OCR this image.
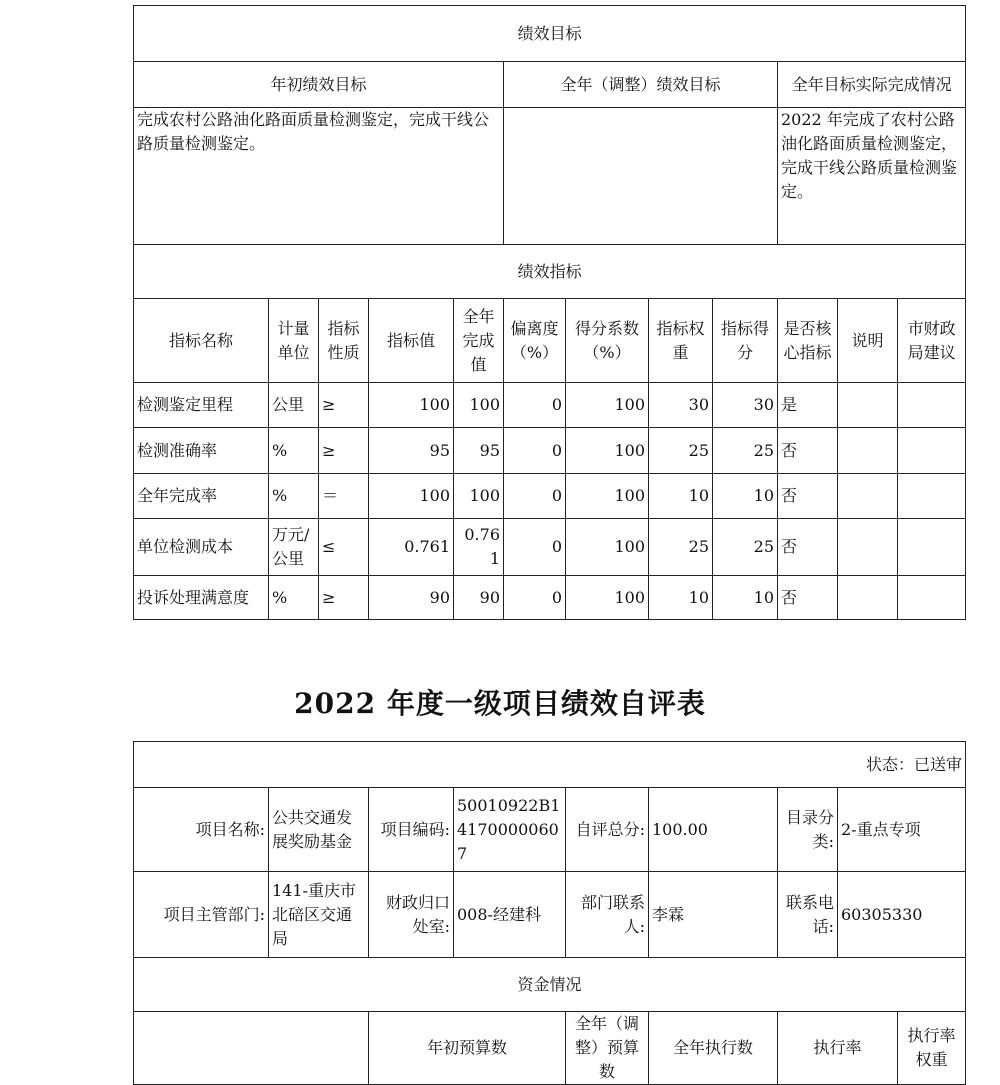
绩效目标											
年初绩效目标					全年（调整）绩效目标				全年目标实际完成情况		
完成农村公路油化路面质量检测鉴定，完成干线公路质量检测鉴定。									2022 年完成了农村公路油化路面质量检测鉴定，完成干线公路质量检测鉴定。		
绩效指标											
指标名称	计量单位	指标性质	指标值	全年完成值	偏离度（%）	得分系数（%）	指标权重	指标得分	是否核心指标	说明	市财政局建议
检测鉴定里程	公里	≥	100	100	0	100	30	30	是		
检测准确率	%	≥	95	95	0	100	25	25	否		
全年完成率	%	＝	100	100	0	100	10	10	否		
单位检测成本	万元/公里	≤	0.761	0.761	0	100	25	25	否		
投诉处理满意度	%	≥	90	90	0	100	10	10	否		
2022 年度一级项目绩效自评表
状态：已送审								
项目名称:	公共交通发展奖励基金	项目编码:	50010922B141700000607	自评总分:	100.00	目录分类:	2-重点专项	
项目主管部门:	141-重庆市北碚区交通局	财政归口处室:	008-经建科	部门联系人:	李霖	联系电话:	60305330	
资金情况								
		年初预算数		全年（调整）预算数	全年执行数	执行率		执行率权重
